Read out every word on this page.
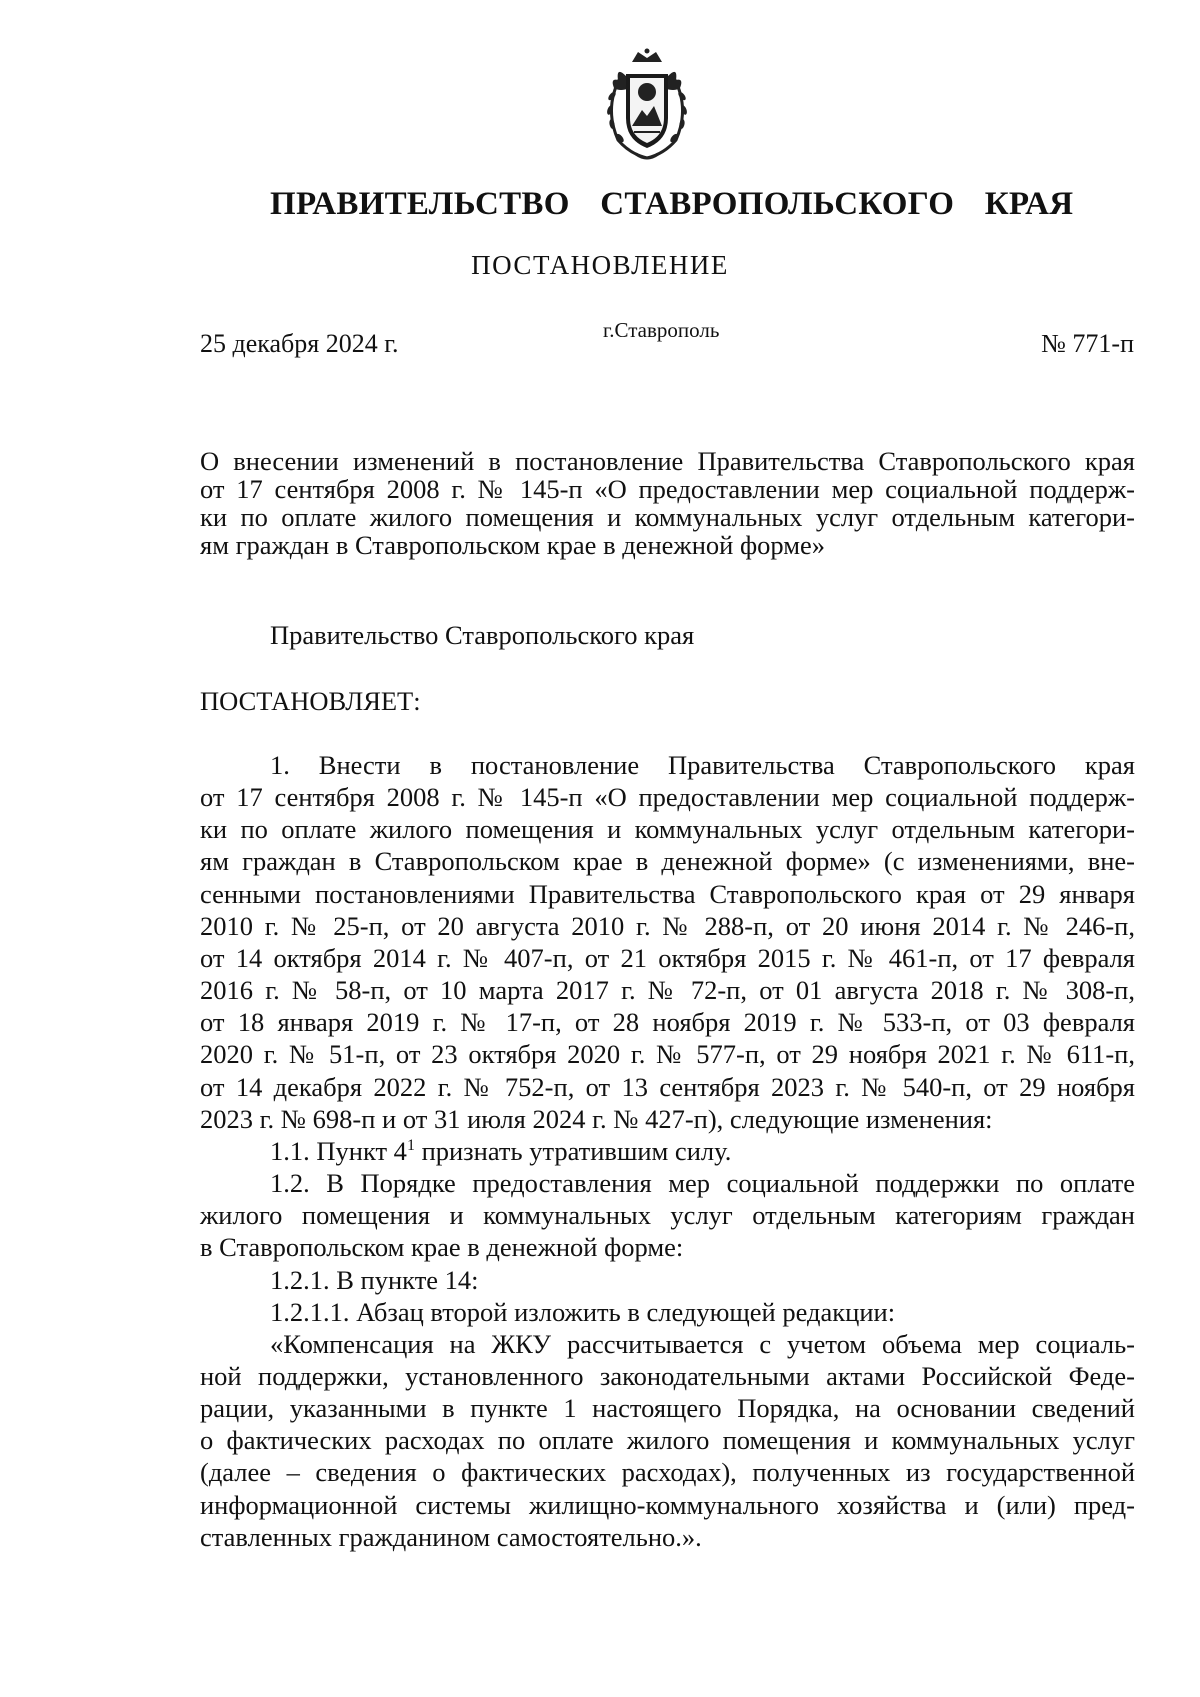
ПРАВИТЕЛЬСТВО СТАВРОПОЛЬСКОГО КРАЯ
ПОСТАНОВЛЕНИЕ
25 декабря 2024 г.	г.Ставрополь	№ 771-п
О внесении изменений в постановление Правительства Ставропольского края
от 17 сентября 2008 г. № 145-п «О предоставлении мер социальной поддерж-
ки по оплате жилого помещения и коммунальных услуг отдельным категори-
ям граждан в Ставропольском крае в денежной форме»
Правительство Ставропольского края
ПОСТАНОВЛЯЕТ:
1. Внести в постановление Правительства Ставропольского края
от 17 сентября 2008 г. № 145-п «О предоставлении мер социальной поддерж-
ки по оплате жилого помещения и коммунальных услуг отдельным категори-
ям граждан в Ставропольском крае в денежной форме» (с изменениями, вне-
сенными постановлениями Правительства Ставропольского края от 29 января
2010 г. № 25-п, от 20 августа 2010 г. № 288-п, от 20 июня 2014 г. № 246-п,
от 14 октября 2014 г. № 407-п, от 21 октября 2015 г. № 461-п, от 17 февраля
2016 г. № 58-п, от 10 марта 2017 г. № 72-п, от 01 августа 2018 г. № 308-п,
от 18 января 2019 г. № 17-п, от 28 ноября 2019 г. № 533-п, от 03 февраля
2020 г. № 51-п, от 23 октября 2020 г. № 577-п, от 29 ноября 2021 г. № 611-п,
от 14 декабря 2022 г. № 752-п, от 13 сентября 2023 г. № 540-п, от 29 ноября
2023 г. № 698-п и от 31 июля 2024 г. № 427-п), следующие изменения:
1.1. Пункт $4^1$ признать утратившим силу.
1.2. В Порядке предоставления мер социальной поддержки по оплате
жилого помещения и коммунальных услуг отдельным категориям граждан
в Ставропольском крае в денежной форме:
1.2.1. В пункте 14:
1.2.1.1. Абзац второй изложить в следующей редакции:
«Компенсация на ЖКУ рассчитывается с учетом объема мер социаль-
ной поддержки, установленного законодательными актами Российской Феде-
рации, указанными в пункте 1 настоящего Порядка, на основании сведений
о фактических расходах по оплате жилого помещения и коммунальных услуг
(далее – сведения о фактических расходах), полученных из государственной
информационной системы жилищно-коммунального хозяйства и (или) пред-
ставленных гражданином самостоятельно.».
